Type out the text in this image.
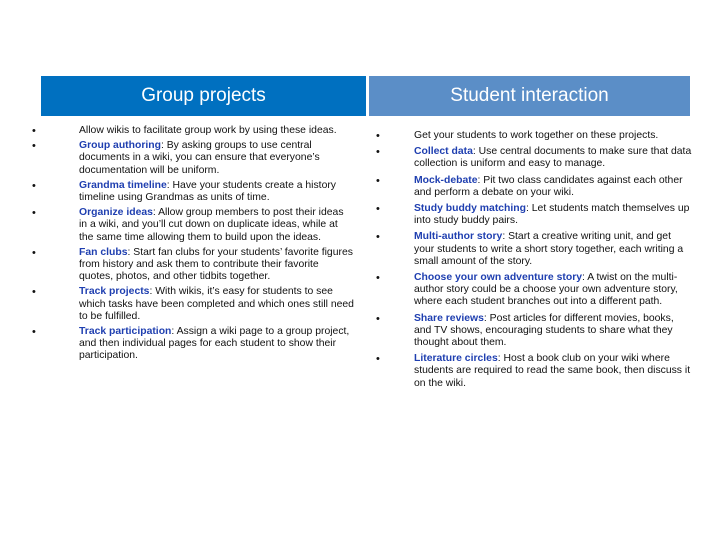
Group projects	Student interaction
•	Allow wikis to facilitate group work by using these ideas.
•	Group authoring: By asking groups to use central documents in a wiki, you can ensure that everyone’s documentation will be uniform.
•	Grandma timeline: Have your students create a history timeline using Grandmas as units of time.
•	Organize ideas: Allow group members to post their ideas in a wiki, and you’ll cut down on duplicate ideas, while at the same time allowing them to build upon the ideas.
•	Fan clubs: Start fan clubs for your students’ favorite figures from history and ask them to contribute their favorite quotes, photos, and other tidbits together.
•	Track projects: With wikis, it’s easy for students to see which tasks have been completed and which ones still need to be fulfilled.
•	Track participation: Assign a wiki page to a group project, and then individual pages for each student to show their participation.
•	Get your students to work together on these projects.
•	Collect data: Use central documents to make sure that data collection is uniform and easy to manage.
•	Mock-debate: Pit two class candidates against each other and perform a debate on your wiki.
•	Study buddy matching: Let students match themselves up into study buddy pairs.
•	Multi-author story: Start a creative writing unit, and get your students to write a short story together, each writing a small amount of the story.
•	Choose your own adventure story: A twist on the multi-author story could be a choose your own adventure story, where each student branches out into a different path.
•	Share reviews: Post articles for different movies, books, and TV shows, encouraging students to share what they thought about them.
•	Literature circles: Host a book club on your wiki where students are required to read the same book, then discuss it on the wiki.
